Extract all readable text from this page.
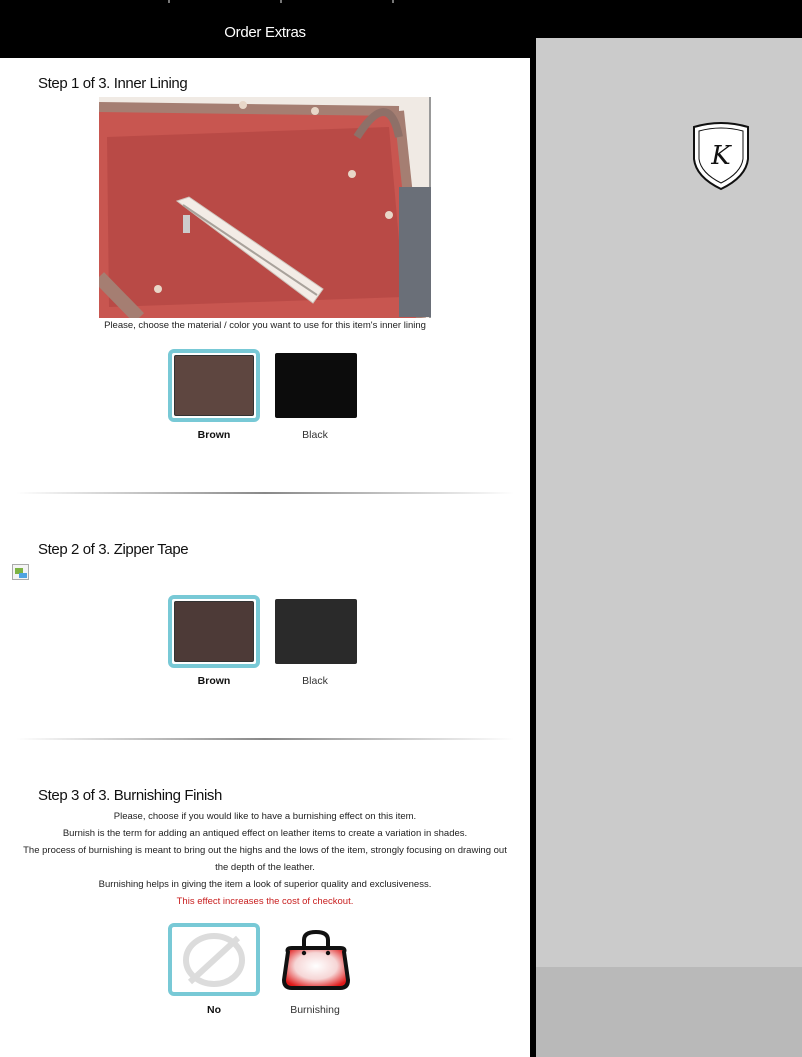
Order Extras
K
Step 1 of 3. Inner Lining
Please, choose the material / color you want to use for this item's inner lining
Brown	Black
Step 2 of 3. Zipper Tape
Brown	Black
Step 3 of 3. Burnishing Finish
Please, choose if you would like to have a burnishing effect on this item.
Burnish is the term for adding an antiqued effect on leather items to create a variation in shades.
The process of burnishing is meant to bring out the highs and the lows of the item, strongly focusing on drawing out the depth of the leather.
Burnishing helps in giving the item a look of superior quality and exclusiveness.
This effect increases the cost of checkout.
No	Burnishing
